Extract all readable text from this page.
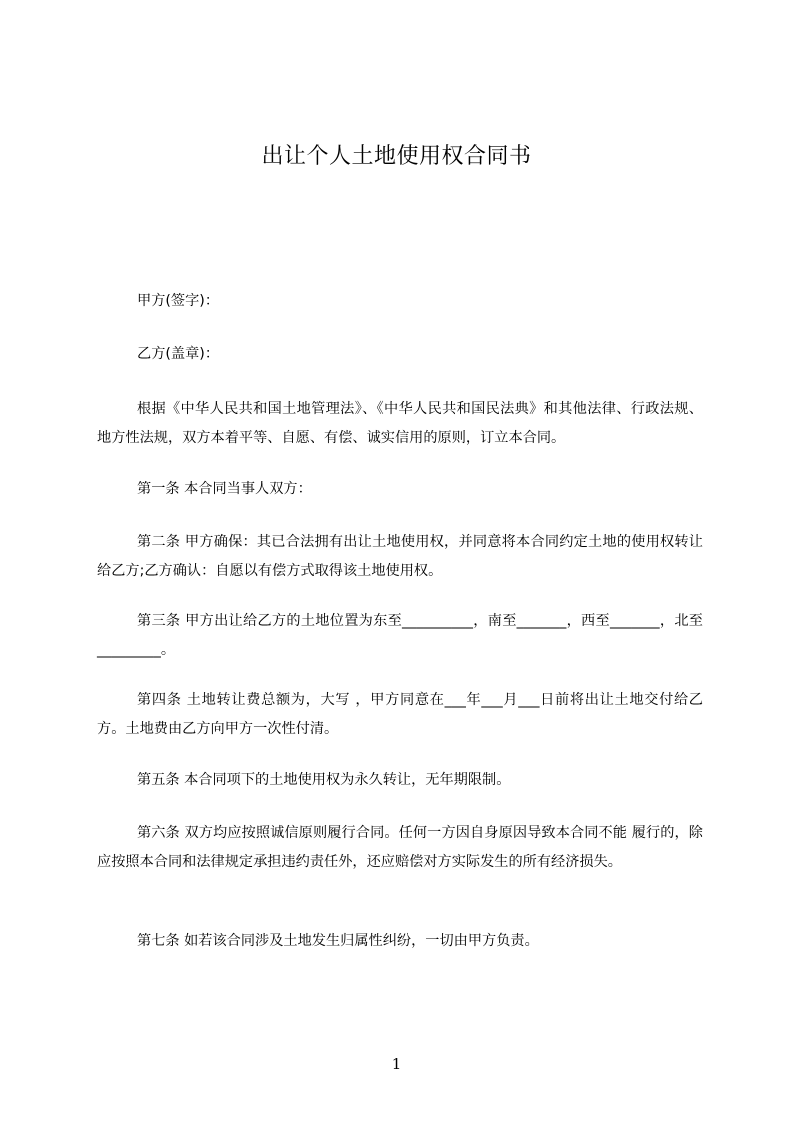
出让个人土地使用权合同书

甲方(签字)：

乙方(盖章)：

根据《中华人民共和国土地管理法》、《中华人民共和国民法典》和其他法律、行政法规、地方性法规，双方本着平等、自愿、有偿、诚实信用的原则，订立本合同。

第一条 本合同当事人双方：

第二条 甲方确保：其已合法拥有出让土地使用权，并同意将本合同约定土地的使用权转让给乙方;乙方确认：自愿以有偿方式取得该土地使用权。

第三条 甲方出让给乙方的土地位置为东至__________，南至_______，西至_______，北至_________。

第四条 土地转让费总额为，大写 ，甲方同意在___年___月___日前将出让土地交付给乙方。土地费由乙方向甲方一次性付清。

第五条 本合同项下的土地使用权为永久转让，无年期限制。

第六条 双方均应按照诚信原则履行合同。任何一方因自身原因导致本合同不能 履行的，除应按照本合同和法律规定承担违约责任外，还应赔偿对方实际发生的所有经济损失。

第七条 如若该合同涉及土地发生归属性纠纷，一切由甲方负责。

1
